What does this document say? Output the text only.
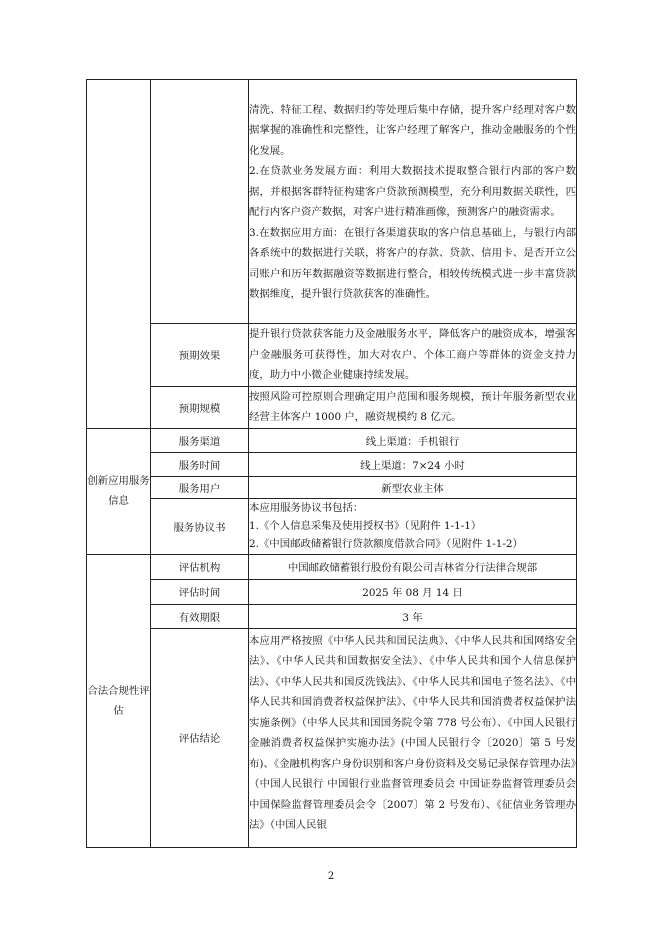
		清洗、特征工程、数据归约等处理后集中存储，提升客户经理对客户数据掌握的准确性和完整性，让客户经理了解客户，推动金融服务的个性化发展。
2.在贷款业务发展方面：利用大数据技术提取整合银行内部的客户数据，并根据客群特征构建客户贷款预测模型，充分利用数据关联性，匹配行内客户资产数据，对客户进行精准画像，预测客户的融资需求。
3.在数据应用方面：在银行各渠道获取的客户信息基础上，与银行内部各系统中的数据进行关联，将客户的存款、贷款、信用卡、是否开立公司账户和历年数据融资等数据进行整合，相较传统模式进一步丰富贷款数据维度，提升银行贷款获客的准确性。

	预期效果	提升银行贷款获客能力及金融服务水平，降低客户的融资成本，增强客户金融服务可获得性，加大对农户、个体工商户等群体的资金支持力度，助力中小微企业健康持续发展。
	预期规模	按照风险可控原则合理确定用户范围和服务规模，预计年服务新型农业经营主体客户 1000 户，融资规模约 8 亿元。
创新应用服务信息	服务渠道	线上渠道：手机银行
	服务时间	线上渠道：7×24 小时
	服务用户	新型农业主体
	服务协议书	本应用服务协议书包括：
1.《个人信息采集及使用授权书》（见附件 1-1-1）
2.《中国邮政储蓄银行贷款额度借款合同》（见附件 1-1-2）

合法合规性评估	评估机构	中国邮政储蓄银行股份有限公司吉林省分行法律合规部
	评估时间	2025 年 08 月 14 日
	有效期限	3 年
	评估结论	本应用严格按照《中华人民共和国民法典》、《中华人民共和国网络安全法》、《中华人民共和国数据安全法》、《中华人民共和国个人信息保护法》、《中华人民共和国反洗钱法》、《中华人民共和国电子签名法》、《中华人民共和国消费者权益保护法》、《中华人民共和国消费者权益保护法实施条例》（中华人民共和国国务院令第 778 号公布）、《中国人民银行金融消费者权益保护实施办法》(中国人民银行令〔2020〕第 5 号发布)、《金融机构客户身份识别和客户身份资料及交易记录保存管理办法》（中国人民银行 中国银行业监督管理委员会 中国证券监督管理委员会 中国保险监督管理委员会令〔2007〕第 2 号发布）、《征信业务管理办法》（中国人民银
2
